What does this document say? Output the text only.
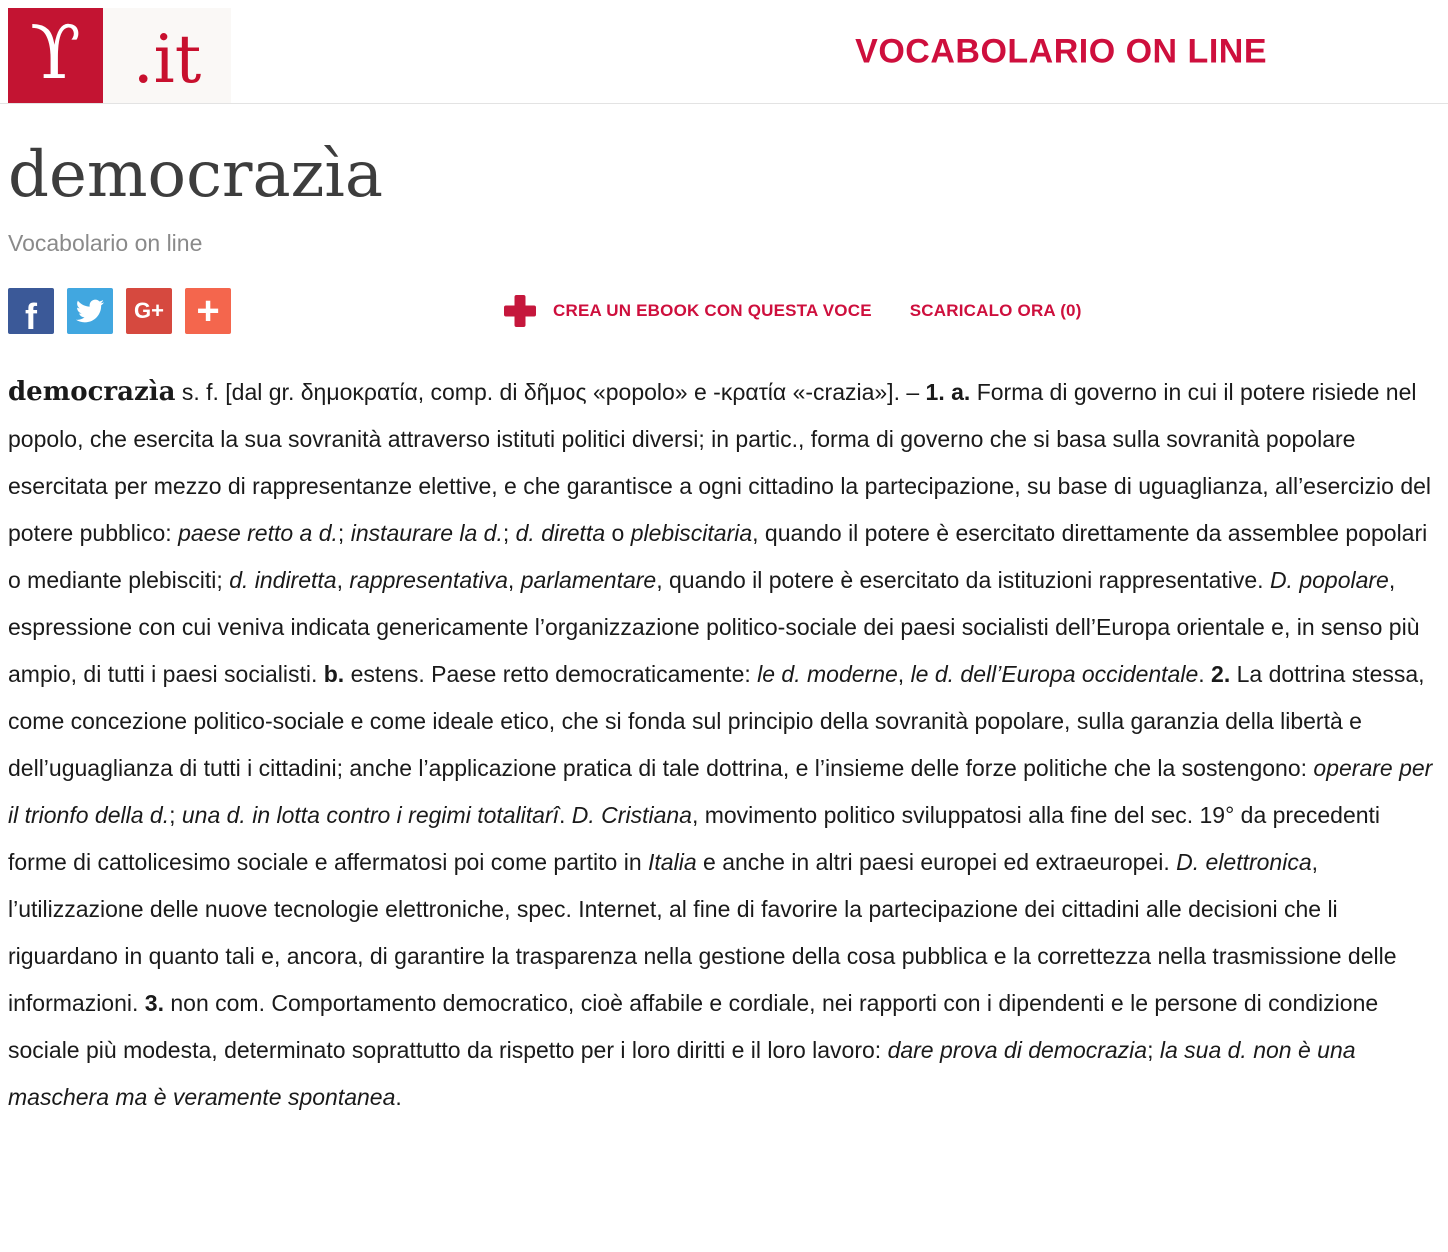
ϒ .it	VOCABOLARIO ON LINE
democrazìa
Vocabolario on line
f	G+ +	CREA UN EBOOK CON QUESTA VOCE SCARICALO ORA (0)

democrazìa s. f. [dal gr. δημοκρατία, comp. di δῆμος «popolo» e -κρατία «-crazia»]. – 1. a. Forma di governo in cui il potere risiede nel popolo, che esercita la sua sovranità attraverso istituti politici diversi; in partic., forma di governo che si basa sulla sovranità popolare esercitata per mezzo di rappresentanze elettive, e che garantisce a ogni cittadino la partecipazione, su base di uguaglianza, all’esercizio del potere pubblico: paese retto a d.; instaurare la d.; d. diretta o plebiscitaria, quando il potere è esercitato direttamente da assemblee popolari o mediante plebisciti; d. indiretta, rappresentativa, parlamentare, quando il potere è esercitato da istituzioni rappresentative. D. popolare, espressione con cui veniva indicata genericamente l’organizzazione politico-sociale dei paesi socialisti dell’Europa orientale e, in senso più ampio, di tutti i paesi socialisti. b. estens. Paese retto democraticamente: le d. moderne, le d. dell’Europa occidentale. 2. La dottrina stessa, come concezione politico-sociale e come ideale etico, che si fonda sul principio della sovranità popolare, sulla garanzia della libertà e dell’uguaglianza di tutti i cittadini; anche l’applicazione pratica di tale dottrina, e l’insieme delle forze politiche che la sostengono: operare per il trionfo della d.; una d. in lotta contro i regimi totalitarî. D. Cristiana, movimento politico sviluppatosi alla fine del sec. 19° da precedenti forme di cattolicesimo sociale e affermatosi poi come partito in Italia e anche in altri paesi europei ed extraeuropei. D. elettronica, l’utilizzazione delle nuove tecnologie elettroniche, spec. Internet, al fine di favorire la partecipazione dei cittadini alle decisioni che li riguardano in quanto tali e, ancora, di garantire la trasparenza nella gestione della cosa pubblica e la correttezza nella trasmissione delle informazioni. 3. non com. Comportamento democratico, cioè affabile e cordiale, nei rapporti con i dipendenti e le persone di condizione sociale più modesta, determinato soprattutto da rispetto per i loro diritti e il loro lavoro: dare prova di democrazia; la sua d. non è una maschera ma è veramente spontanea.
